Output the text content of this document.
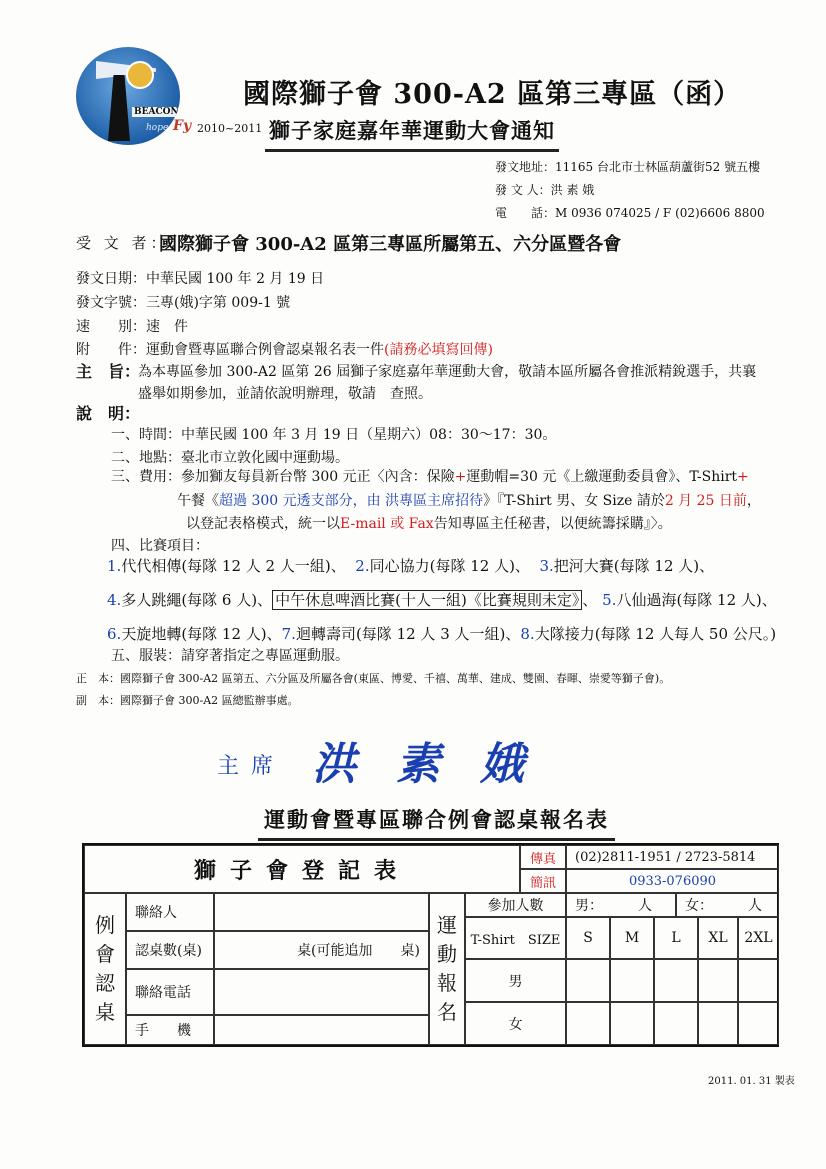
BEACON
hope Fy 2010~2011
國際獅子會 300-A2 區第三專區（函）
獅子家庭嘉年華運動大會通知
發文地址：11165 台北市士林區葫蘆街52 號五樓
發 文 人：洪 素 娥
電　　話：M 0936 074025 / F (02)6606 8800
受 文 者：
國際獅子會 300-A2 區第三專區所屬第五、六分區暨各會
發文日期：中華民國 100 年 2 月 19 日
發文字號：三專(娥)字第 009-1 號
速　　別：速　件
附　　件：運動會暨專區聯合例會認桌報名表一件(請務必填寫回傳)
主　旨：
為本專區參加 300-A2 區第 26 屆獅子家庭嘉年華運動大會，敬請本區所屬各會推派精銳選手，共襄
盛舉如期參加，並請依說明辦理，敬請　查照。
說　明：
一、時間：中華民國 100 年 3 月 19 日（星期六）08：30～17：30。
二、地點：臺北市立敦化國中運動場。
三、費用：參加獅友每員新台幣 300 元正〈內含：保險+運動帽=30 元《上繳運動委員會》、T-Shirt+
午餐《超過 300 元透支部分，由 洪專區主席招待》『T-Shirt 男、女 Size 請於2 月 25 日前，
以登記表格模式，統一以E-mail 或 Fax告知專區主任秘書，以便統籌採購』〉。
四、比賽項目：
1.代代相傳(每隊 12 人 2 人一組)、 2.同心協力(每隊 12 人)、 3.把河大賽(每隊 12 人)、
4.多人跳繩(每隊 6 人)、 中午休息啤酒比賽(十人一組)《比賽規則未定》 、 5.八仙過海(每隊 12 人)、
6.天旋地轉(每隊 12 人)、7.迴轉壽司(每隊 12 人 3 人一組)、8.大隊接力(每隊 12 人每人 50 公尺。)
五、服裝：請穿著指定之專區運動服。
正　本：國際獅子會 300-A2 區第五、六分區及所屬各會(東區、博愛、千禧、萬華、建成、雙園、春暉、崇愛等獅子會)。
副　本：國際獅子會 300-A2 區總監辦事處。
主席 洪素娥
運動會暨專區聯合例會認桌報名表
獅子會登記表	傳真	(02)2811-1951 / 2723-5814
簡訊	0933-076090
例
會
認
桌
聯絡人
認桌數(桌)	桌(可能追加　　桌)
聯絡電話
手　　機
運
動
報
名
參加人數	男：　　　人	女：　　　人
T-Shirt　SIZE	S	M	L	XL	2XL
男
女
2011. 01. 31 製表
